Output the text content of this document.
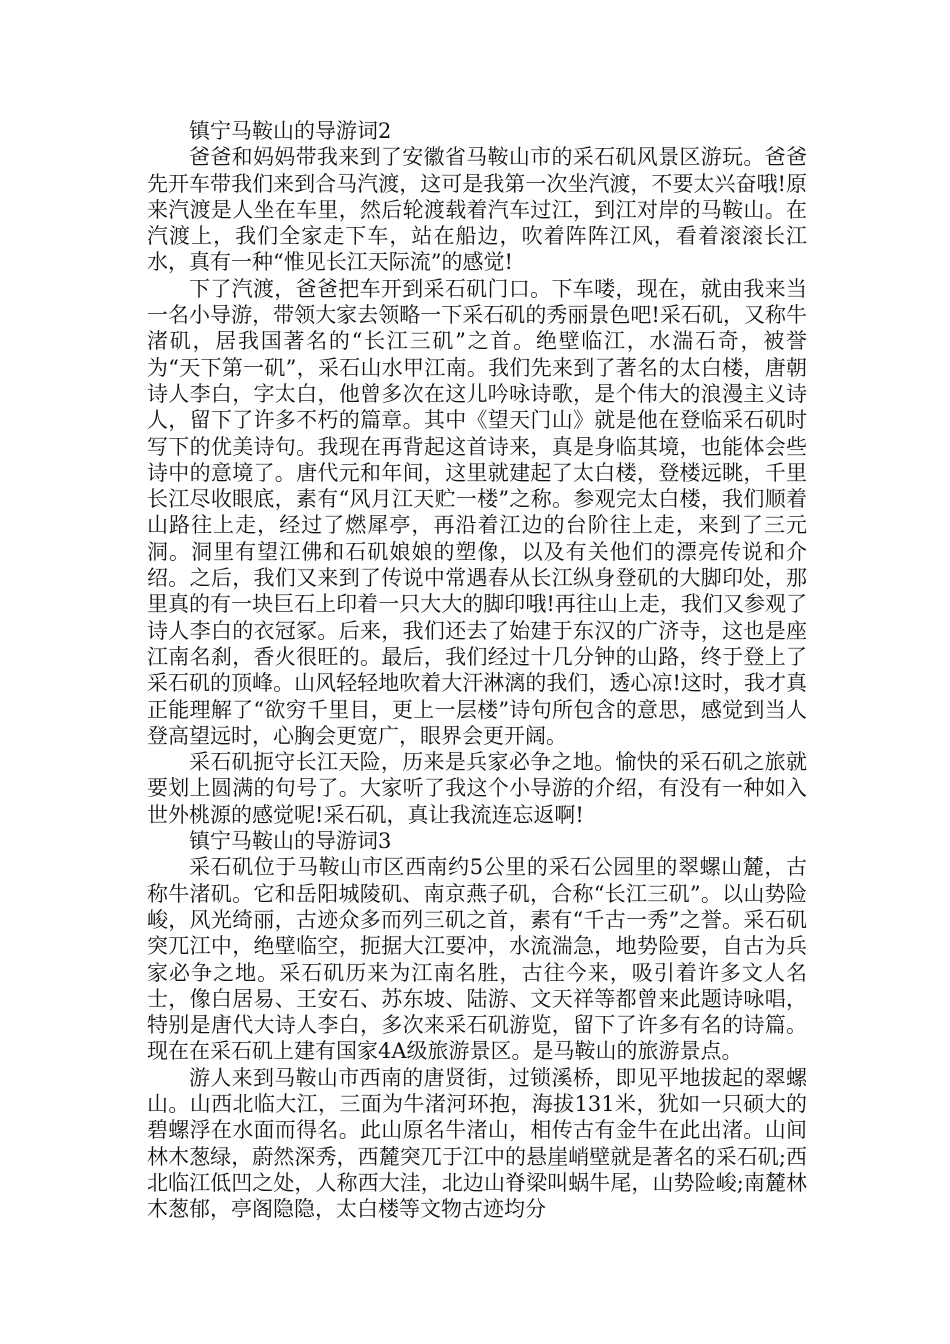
镇宁马鞍山的导游词2

爸爸和妈妈带我来到了安徽省马鞍山市的采石矶风景区游玩。爸爸先开车带我们来到合马汽渡，这可是我第一次坐汽渡，不要太兴奋哦!原来汽渡是人坐在车里，然后轮渡载着汽车过江，到江对岸的马鞍山。在汽渡上，我们全家走下车，站在船边，吹着阵阵江风，看着滚滚长江水，真有一种“惟见长江天际流”的感觉!

下了汽渡，爸爸把车开到采石矶门口。下车喽，现在，就由我来当一名小导游，带领大家去领略一下采石矶的秀丽景色吧!采石矶，又称牛渚矶，居我国著名的“长江三矶”之首。绝壁临江，水湍石奇，被誉为“天下第一矶”，采石山水甲江南。我们先来到了著名的太白楼，唐朝诗人李白，字太白，他曾多次在这儿吟咏诗歌，是个伟大的浪漫主义诗人，留下了许多不朽的篇章。其中《望天门山》就是他在登临采石矶时写下的优美诗句。我现在再背起这首诗来，真是身临其境，也能体会些诗中的意境了。唐代元和年间，这里就建起了太白楼，登楼远眺，千里长江尽收眼底，素有“风月江天贮一楼”之称。参观完太白楼，我们顺着山路往上走，经过了燃犀亭，再沿着江边的台阶往上走，来到了三元洞。洞里有望江佛和石矶娘娘的塑像，以及有关他们的漂亮传说和介绍。之后，我们又来到了传说中常遇春从长江纵身登矶的大脚印处，那里真的有一块巨石上印着一只大大的脚印哦!再往山上走，我们又参观了诗人李白的衣冠冢。后来，我们还去了始建于东汉的广济寺，这也是座江南名刹，香火很旺的。最后，我们经过十几分钟的山路，终于登上了采石矶的顶峰。山风轻轻地吹着大汗淋漓的我们，透心凉!这时，我才真正能理解了“欲穷千里目，更上一层楼”诗句所包含的意思，感觉到当人登高望远时，心胸会更宽广，眼界会更开阔。

采石矶扼守长江天险，历来是兵家必争之地。愉快的采石矶之旅就要划上圆满的句号了。大家听了我这个小导游的介绍，有没有一种如入世外桃源的感觉呢!采石矶，真让我流连忘返啊!

镇宁马鞍山的导游词3

采石矶位于马鞍山市区西南约5公里的采石公园里的翠螺山麓，古称牛渚矶。它和岳阳城陵矶、南京燕子矶，合称“长江三矶”。以山势险峻，风光绮丽，古迹众多而列三矶之首，素有“千古一秀”之誉。采石矶突兀江中，绝壁临空，扼据大江要冲，水流湍急，地势险要，自古为兵家必争之地。采石矶历来为江南名胜，古往今来，吸引着许多文人名士，像白居易、王安石、苏东坡、陆游、文天祥等都曾来此题诗咏唱，特别是唐代大诗人李白，多次来采石矶游览，留下了许多有名的诗篇。现在在采石矶上建有国家4A级旅游景区。是马鞍山的旅游景点。

游人来到马鞍山市西南的唐贤街，过锁溪桥，即见平地拔起的翠螺山。山西北临大江，三面为牛渚河环抱，海拔131米，犹如一只硕大的碧螺浮在水面而得名。此山原名牛渚山，相传古有金牛在此出渚。山间林木葱绿，蔚然深秀，西麓突兀于江中的悬崖峭壁就是著名的采石矶;西北临江低凹之处，人称西大洼，北边山脊梁叫蜗牛尾，山势险峻;南麓林木葱郁，亭阁隐隐，太白楼等文物古迹均分
